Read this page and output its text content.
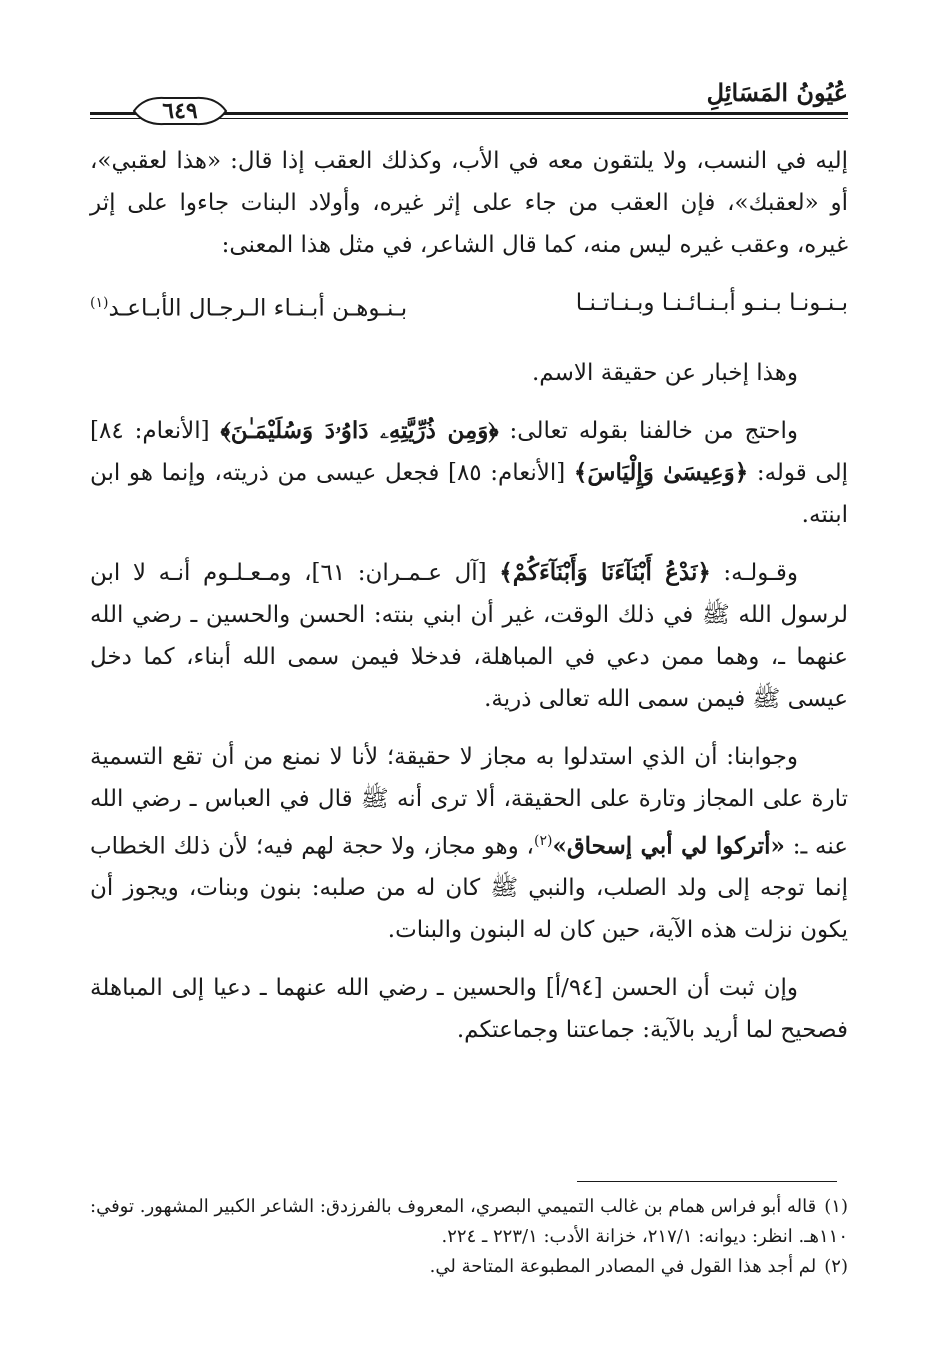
عُيُونُ المَسَائِلِ
٦٤٩

إليه في النسب، ولا يلتقون معه في الأب، وكذلك العقب إذا قال: «هذا لعقبي»، أو «لعقبك»، فإن العقب من جاء على إثر غيره، وأولاد البنات جاءوا على إثر غيره، وعقب غيره ليس منه، كما قال الشاعر، في مثل هذا المعنى:

بـنـونـا بـنـو أبـنـائـنـا وبـنـاتـنـا
بـنـوهـن أبـنـاء الـرجـال الأبـاعـد$^{(١)}$

وهذا إخبار عن حقيقة الاسم.

واحتج من خالفنا بقوله تعالى: ﴿وَمِن ذُرِّيَّتِهِۦ دَاوُۥدَ وَسُلَيْمَـٰنَ﴾ [الأنعام: ٨٤] إلى قوله: ﴿وَعِيسَىٰ وَإِلْيَاسَ﴾ [الأنعام: ٨٥] فجعل عيسى من ذريته، وإنما هو ابن ابنته.

وقـولـه: ﴿نَدْعُ أَبْنَآءَنَا وَأَبْنَآءَكُمْ﴾ [آل عـمـران: ٦١]، ومـعـلـوم أنـه لا ابن لرسول الله ﷺ في ذلك الوقت، غير أن ابني بنته: الحسن والحسين ـ رضي الله عنهما ـ، وهما ممن دعي في المباهلة، فدخلا فيمن سمى الله أبناء، كما دخل عيسى ﷺ فيمن سمى الله تعالى ذرية.

وجوابنا: أن الذي استدلوا به مجاز لا حقيقة؛ لأنا لا نمنع من أن تقع التسمية تارة على المجاز وتارة على الحقيقة، ألا ترى أنه ﷺ قال في العباس ـ رضي الله عنه ـ: «أتركوا لي أبي إسحاق»$^{(٢)}$، وهو مجاز، ولا حجة لهم فيه؛ لأن ذلك الخطاب إنما توجه إلى ولد الصلب، والنبي ﷺ كان له من صلبه: بنون وبنات، ويجوز أن يكون نزلت هذه الآية، حين كان له البنون والبنات.

وإن ثبت أن الحسن [٩٤/أ] والحسين ـ رضي الله عنهما ـ دعيا إلى المباهلة فصحيح لما أريد بالآية: جماعتنا وجماعتكم.

(١)قاله أبو فراس همام بن غالب التميمي البصري، المعروف بالفرزدق: الشاعر الكبير المشهور. توفي: ١١٠هـ. انظر: ديوانه: ٢١٧/١، خزانة الأدب: ٢٢٣/١ ـ ٢٢٤.

(٢)لم أجد هذا القول في المصادر المطبوعة المتاحة لي.
